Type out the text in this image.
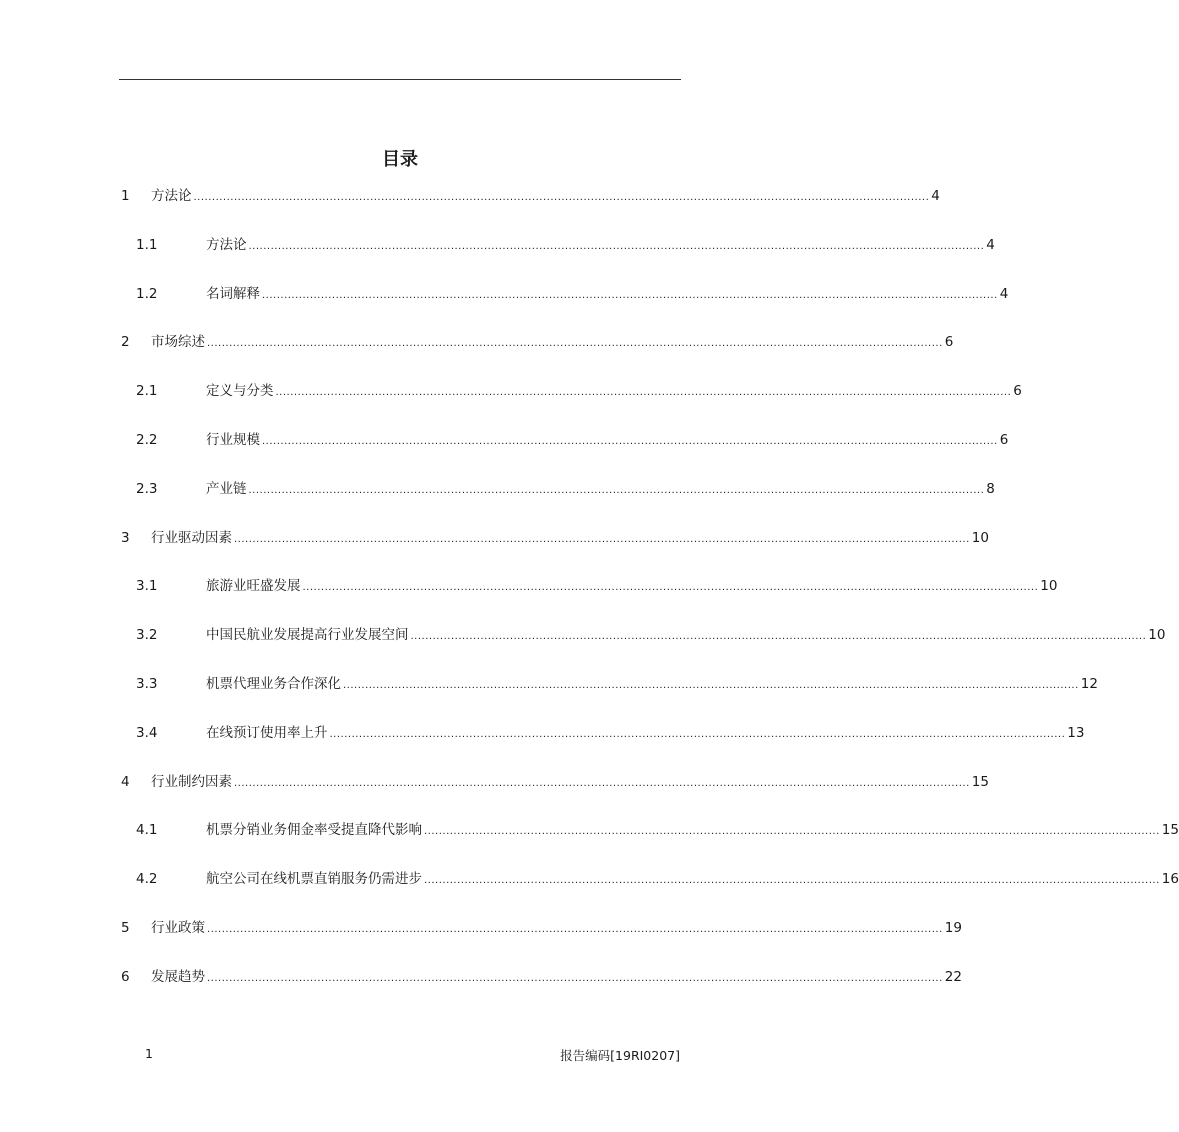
目录
1 方法论 ........................................................................................................................................................................................................ 4
1.1	方法论 ........................................................................................................................................................................................................ 4
1.2	名词解释 ........................................................................................................................................................................................................ 4
2 市场综述 ........................................................................................................................................................................................................ 6
2.1	定义与分类 ........................................................................................................................................................................................................ 6
2.2	行业规模 ........................................................................................................................................................................................................ 6
2.3	产业链 ........................................................................................................................................................................................................ 8
3 行业驱动因素 ........................................................................................................................................................................................................ 10
3.1	旅游业旺盛发展 ........................................................................................................................................................................................................ 10
3.2	中国民航业发展提高行业发展空间 ........................................................................................................................................................................................................ 10
3.3	机票代理业务合作深化 ........................................................................................................................................................................................................ 12
3.4	在线预订使用率上升 ........................................................................................................................................................................................................ 13
4 行业制约因素 ........................................................................................................................................................................................................ 15
4.1	机票分销业务佣金率受提直降代影响 ........................................................................................................................................................................................................ 15
4.2	航空公司在线机票直销服务仍需进步 ........................................................................................................................................................................................................ 16
5 行业政策 ........................................................................................................................................................................................................ 19
6 发展趋势 ........................................................................................................................................................................................................ 22
1	报告编码[19RI0207]
